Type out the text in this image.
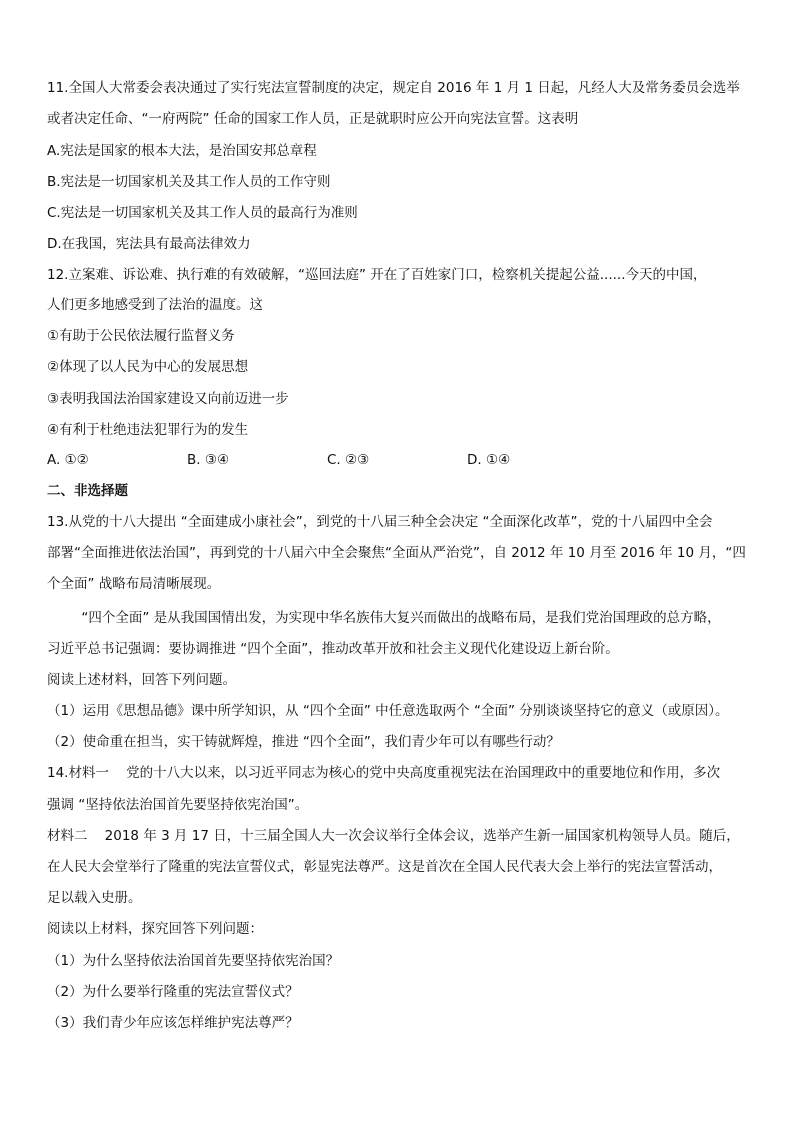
11.全国人大常委会表决通过了实行宪法宣誓制度的决定，规定自 2016 年 1 月 1 日起，凡经人大及常务委员会选举
或者决定任命、“一府两院” 任命的国家工作人员，正是就职时应公开向宪法宣誓。这表明
A.宪法是国家的根本大法，是治国安邦总章程
B.宪法是一切国家机关及其工作人员的工作守则
C.宪法是一切国家机关及其工作人员的最高行为准则
D.在我国，宪法具有最高法律效力
12.立案难、诉讼难、执行难的有效破解，“巡回法庭” 开在了百姓家门口，检察机关提起公益......今天的中国，
人们更多地感受到了法治的温度。这
①有助于公民依法履行监督义务
②体现了以人民为中心的发展思想
③表明我国法治国家建设又向前迈进一步
④有利于杜绝违法犯罪行为的发生
A. ①②	B. ③④	C. ②③	D. ①④
二、非选择题
13.从党的十八大提出 “全面建成小康社会”，到党的十八届三种全会决定 “全面深化改革”，党的十八届四中全会
部署“全面推进依法治国”，再到党的十八届六中全会聚焦“全面从严治党”，自 2012 年 10 月至 2016 年 10 月，“四
个全面” 战略布局清晰展现。
“四个全面” 是从我国国情出发，为实现中华名族伟大复兴而做出的战略布局，是我们党治国理政的总方略，
习近平总书记强调：要协调推进 “四个全面”，推动改革开放和社会主义现代化建设迈上新台阶。
阅读上述材料，回答下列问题。
（1）运用《思想品德》课中所学知识，从 “四个全面” 中任意选取两个 “全面” 分别谈谈坚持它的意义（或原因）。
（2）使命重在担当，实干铸就辉煌，推进 “四个全面”，我们青少年可以有哪些行动？
14.材料一    党的十八大以来，以习近平同志为核心的党中央高度重视宪法在治国理政中的重要地位和作用，多次
强调 “坚持依法治国首先要坚持依宪治国”。
材料二    2018 年 3 月 17 日，十三届全国人大一次会议举行全体会议，选举产生新一届国家机构领导人员。随后，
在人民大会堂举行了隆重的宪法宣誓仪式，彰显宪法尊严。这是首次在全国人民代表大会上举行的宪法宣誓活动，
足以载入史册。
阅读以上材料，探究回答下列问题：
（1）为什么坚持依法治国首先要坚持依宪治国？
（2）为什么要举行隆重的宪法宣誓仪式？
（3）我们青少年应该怎样维护宪法尊严？
